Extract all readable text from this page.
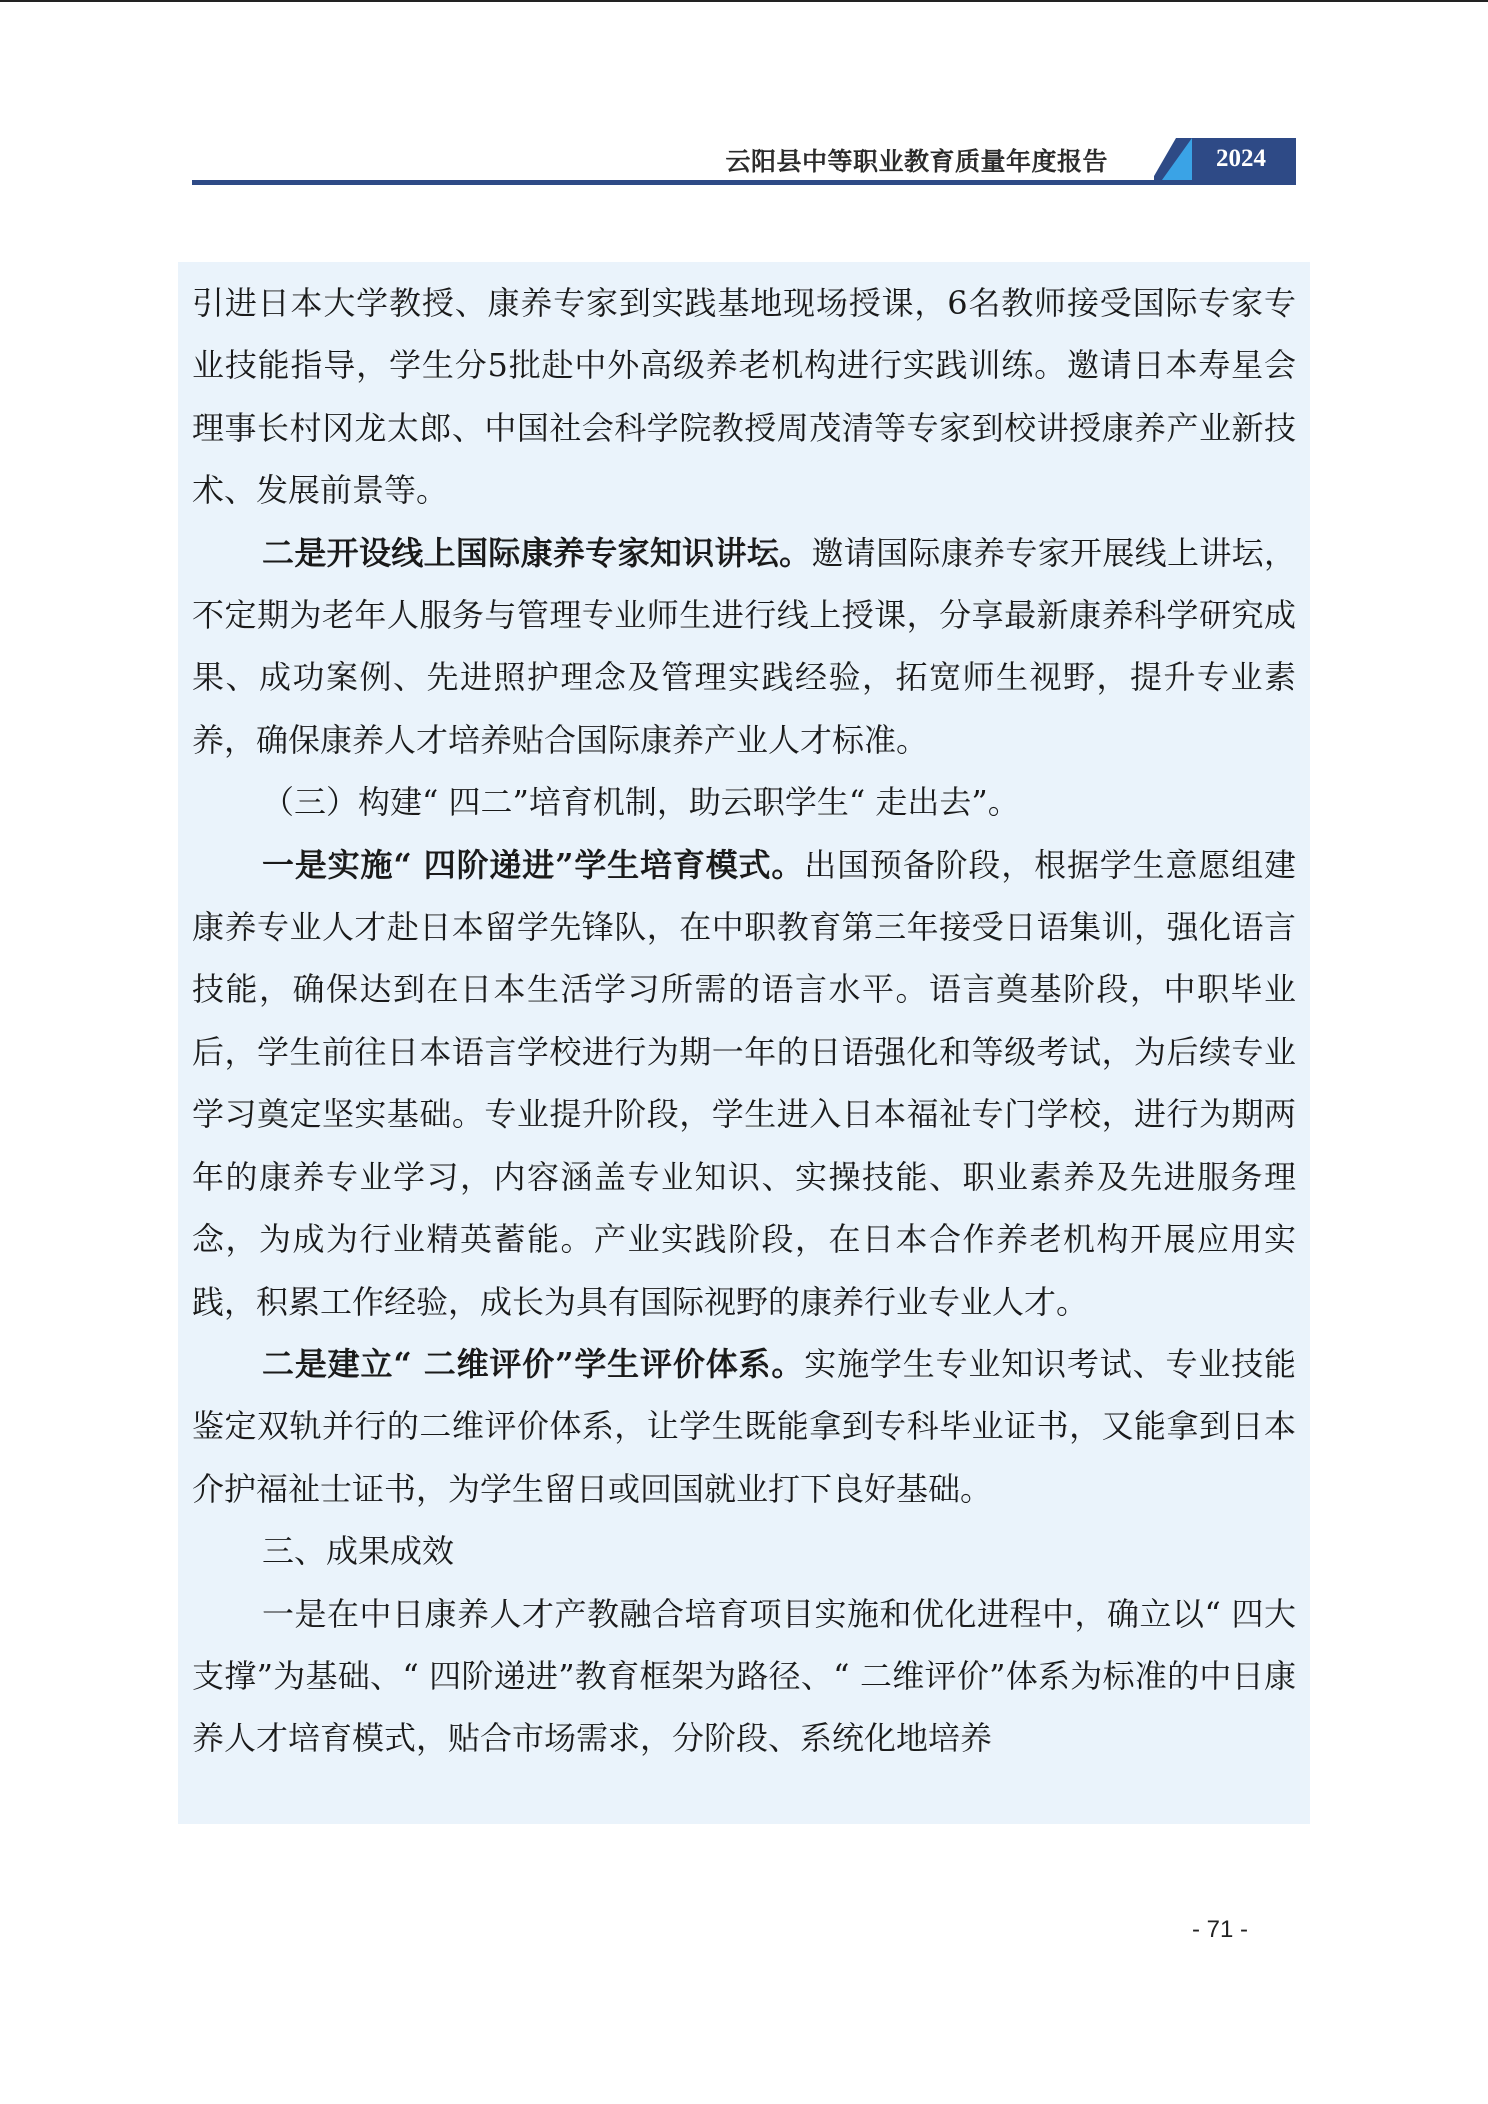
云阳县中等职业教育质量年度报告	2024

引进日本大学教授、康养专家到实践基地现场授课，6名教师接受国际专家专业技能指导，学生分5批赴中外高级养老机构进行实践训练。邀请日本寿星会理事长村冈龙太郎、中国社会科学院教授周茂清等专家到校讲授康养产业新技术、发展前景等。

二是开设线上国际康养专家知识讲坛。邀请国际康养专家开展线上讲坛，不定期为老年人服务与管理专业师生进行线上授课，分享最新康养科学研究成果、成功案例、先进照护理念及管理实践经验，拓宽师生视野，提升专业素养，确保康养人才培养贴合国际康养产业人才标准。

（三）构建“ 四二”培育机制，助云职学生“ 走出去”。

一是实施“ 四阶递进”学生培育模式。出国预备阶段，根据学生意愿组建康养专业人才赴日本留学先锋队，在中职教育第三年接受日语集训，强化语言技能，确保达到在日本生活学习所需的语言水平。语言奠基阶段，中职毕业后，学生前往日本语言学校进行为期一年的日语强化和等级考试，为后续专业学习奠定坚实基础。专业提升阶段，学生进入日本福祉专门学校，进行为期两年的康养专业学习，内容涵盖专业知识、实操技能、职业素养及先进服务理念，为成为行业精英蓄能。产业实践阶段，在日本合作养老机构开展应用实践，积累工作经验，成长为具有国际视野的康养行业专业人才。

二是建立“ 二维评价”学生评价体系。实施学生专业知识考试、专业技能鉴定双轨并行的二维评价体系，让学生既能拿到专科毕业证书，又能拿到日本介护福祉士证书，为学生留日或回国就业打下良好基础。

三、成果成效

一是在中日康养人才产教融合培育项目实施和优化进程中，确立以“ 四大支撑”为基础、“ 四阶递进”教育框架为路径、“ 二维评价”体系为标准的中日康养人才培育模式，贴合市场需求，分阶段、系统化地培养

- 71 -
